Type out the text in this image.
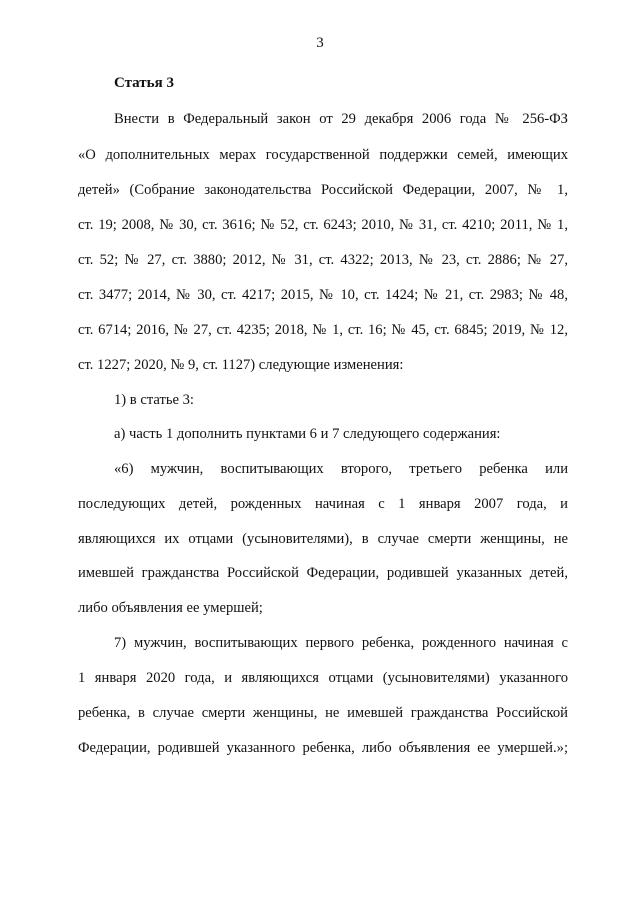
3
Статья 3
Внести в Федеральный закон от 29 декабря 2006 года № 256-ФЗ
«О дополнительных мерах государственной поддержки семей, имеющих
детей» (Собрание законодательства Российской Федерации, 2007, № 1,
ст. 19; 2008, № 30, ст. 3616; № 52, ст. 6243; 2010, № 31, ст. 4210; 2011, № 1,
ст. 52; № 27, ст. 3880; 2012, № 31, ст. 4322; 2013, № 23, ст. 2886; № 27,
ст. 3477; 2014, № 30, ст. 4217; 2015, № 10, ст. 1424; № 21, ст. 2983; № 48,
ст. 6714; 2016, № 27, ст. 4235; 2018, № 1, ст. 16; № 45, ст. 6845; 2019, № 12,
ст. 1227; 2020, № 9, ст. 1127) следующие изменения:
1) в статье 3:
а) часть 1 дополнить пунктами 6 и 7 следующего содержания:
«6) мужчин, воспитывающих второго, третьего ребенка или
последующих детей, рожденных начиная с 1 января 2007 года, и
являющихся их отцами (усыновителями), в случае смерти женщины, не
имевшей гражданства Российской Федерации, родившей указанных детей,
либо объявления ее умершей;
7) мужчин, воспитывающих первого ребенка, рожденного начиная с
1 января 2020 года, и являющихся отцами (усыновителями) указанного
ребенка, в случае смерти женщины, не имевшей гражданства Российской
Федерации, родившей указанного ребенка, либо объявления ее умершей.»;
